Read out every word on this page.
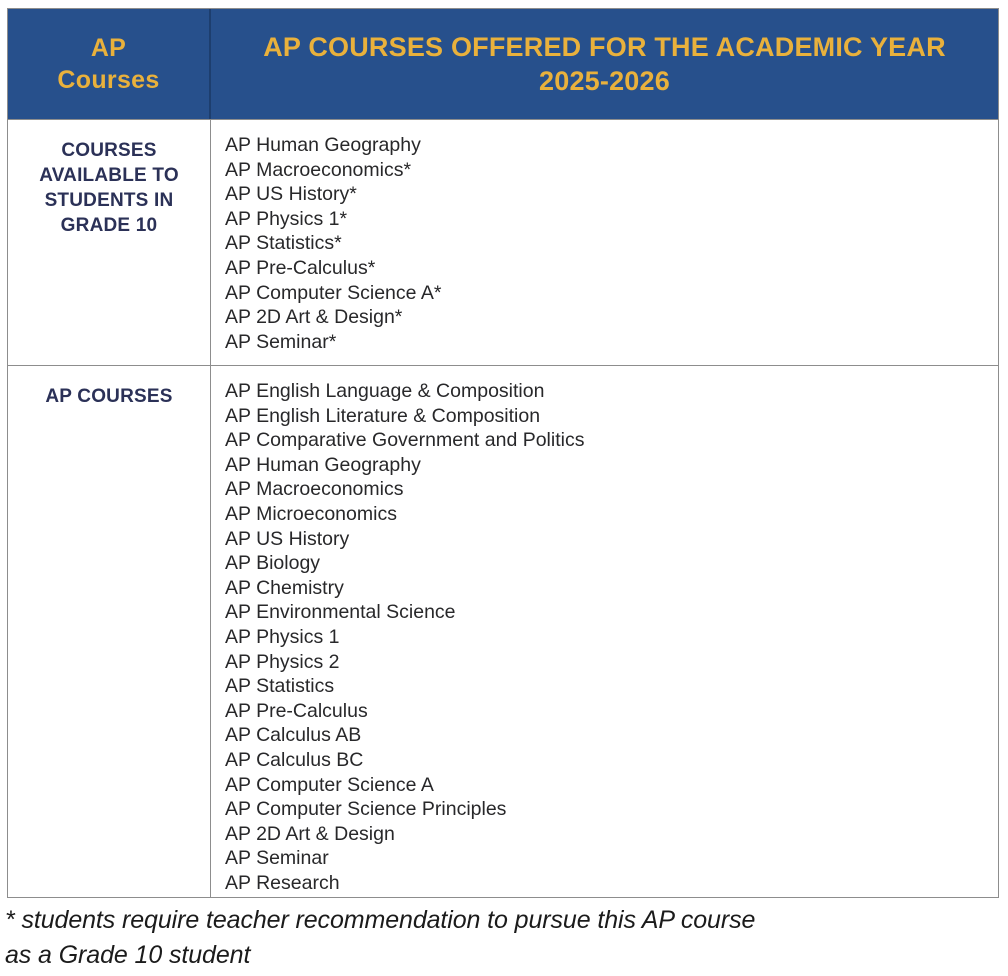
AP
Courses
AP COURSES OFFERED FOR THE ACADEMIC YEAR
2025-2026
COURSES
AVAILABLE TO
STUDENTS IN
GRADE 10
AP Human Geography
AP Macroeconomics*
AP US History*
AP Physics 1*
AP Statistics*
AP Pre-Calculus*
AP Computer Science A*
AP 2D Art & Design*
AP Seminar*
AP COURSES	AP English Language & Composition
AP English Literature & Composition
AP Comparative Government and Politics
AP Human Geography
AP Macroeconomics
AP Microeconomics
AP US History
AP Biology
AP Chemistry
AP Environmental Science
AP Physics 1
AP Physics 2
AP Statistics
AP Pre-Calculus
AP Calculus AB
AP Calculus BC
AP Computer Science A
AP Computer Science Principles
AP 2D Art & Design
AP Seminar
AP Research
* students require teacher recommendation to pursue this AP course
as a Grade 10 student
